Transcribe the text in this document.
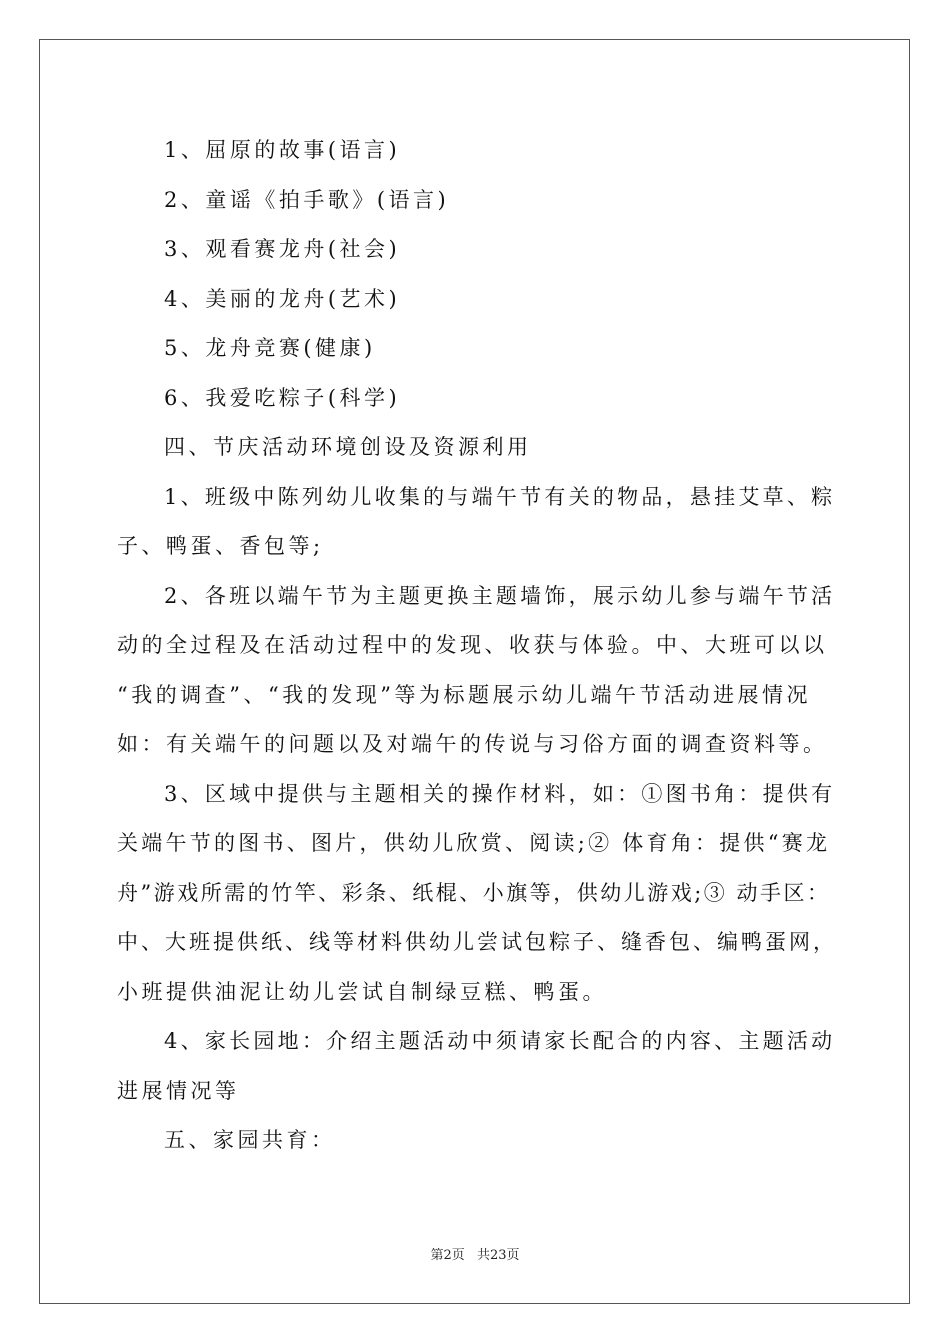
1、屈原的故事(语言)
2、童谣《拍手歌》(语言)
3、观看赛龙舟(社会)
4、美丽的龙舟(艺术)
5、龙舟竞赛(健康)
6、我爱吃粽子(科学)
四、节庆活动环境创设及资源利用
1、班级中陈列幼儿收集的与端午节有关的物品，悬挂艾草、粽
子、鸭蛋、香包等;
2、各班以端午节为主题更换主题墙饰，展示幼儿参与端午节活
动的全过程及在活动过程中的发现、收获与体验。中、大班可以以
“我的调查”、“我的发现”等为标题展示幼儿端午节活动进展情况
如：有关端午的问题以及对端午的传说与习俗方面的调查资料等。
3、区域中提供与主题相关的操作材料，如：①图书角：提供有
关端午节的图书、图片，供幼儿欣赏、阅读;② 体育角：提供“赛龙
舟”游戏所需的竹竿、彩条、纸棍、小旗等，供幼儿游戏;③ 动手区：
中、大班提供纸、线等材料供幼儿尝试包粽子、缝香包、编鸭蛋网，
小班提供油泥让幼儿尝试自制绿豆糕、鸭蛋。
4、家长园地：介绍主题活动中须请家长配合的内容、主题活动
进展情况等
五、家园共育：
第2页 共23页
